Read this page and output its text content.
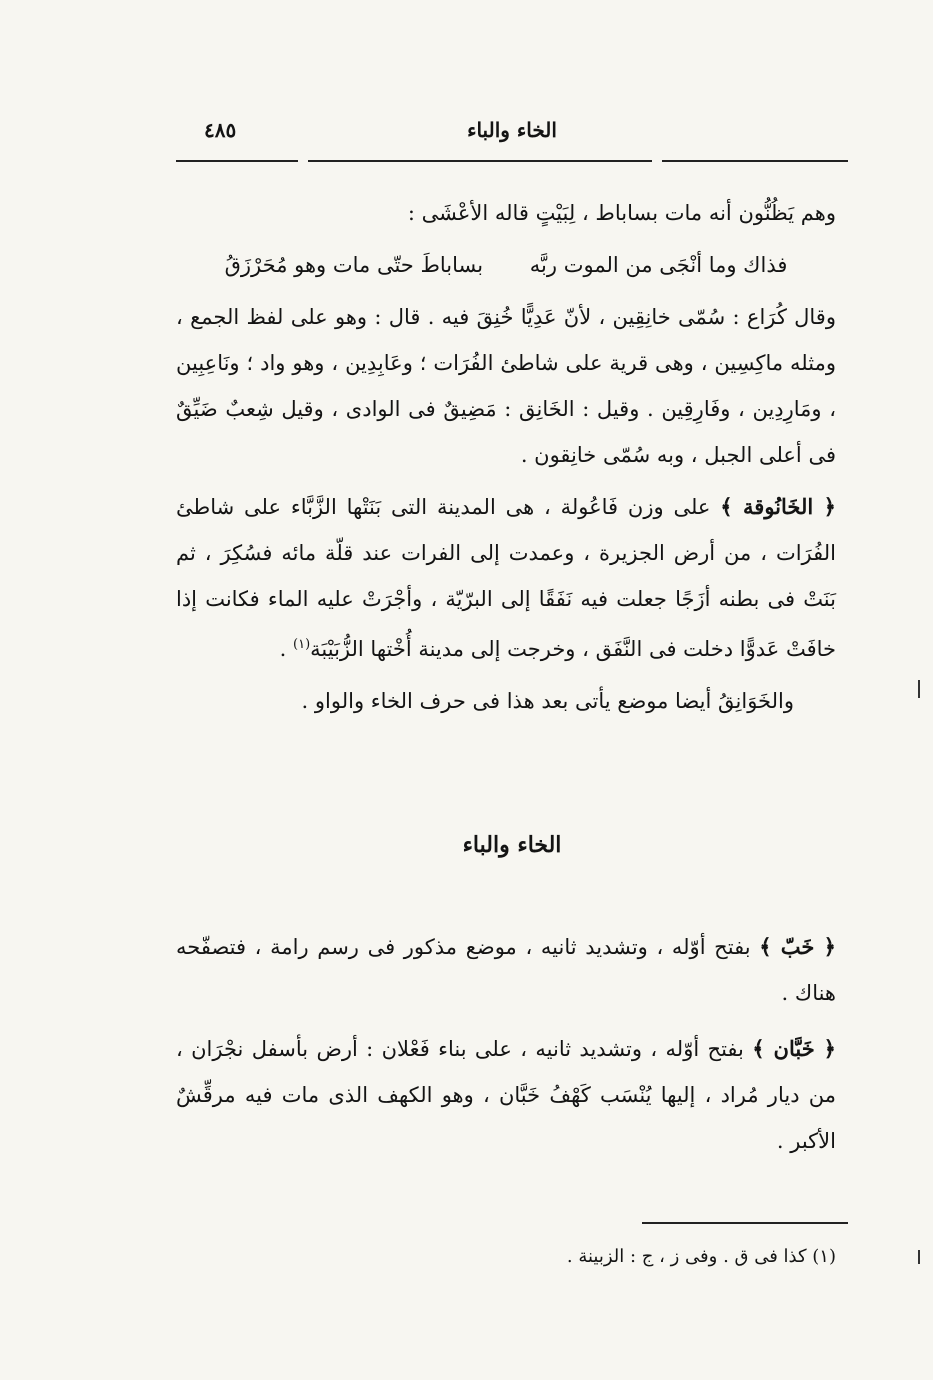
الخاء والباء
٤٨٥

وهم يَظُنُّون أنه مات بساباط ، لِبَيْتٍ قاله الأعْشَى :

فذاك وما أنْجَى من الموت ربَّه بساباطَ حتّى مات وهو مُحَرْزَقُ

وقال كُرَاع : سُمّى خانِقِين ، لأنّ عَدِيًّا خُنِقَ فيه . قال : وهو على لفظ الجمع ، ومثله ماكِسِين ، وهى قرية على شاطئ الفُرَات ؛ وعَابِدِين ، وهو واد ؛ ونَاعِبِين ، ومَارِدِين ، وفَارِقِين . وقيل : الخَانِق : مَضِيقٌ فى الوادى ، وقيل شِعبٌ ضَيِّقٌ فى أعلى الجبل ، وبه سُمّى خانِقون .

﴿ الخَانُوقة ﴾ على وزن فَاعُولة ، هى المدينة التى بَنَتْها الزَّبَّاء على شاطئ الفُرَات ، من أرض الجزيرة ، وعمدت إلى الفرات عند قلّة مائه فسُكِرَ ، ثم بَنَتْ فى بطنه أزَجًا جعلت فيه نَفَقًا إلى البرّيّة ، وأجْرَتْ عليه الماء فكانت إذا خافَتْ عَدوًّا دخلت فى النَّفَق ، وخرجت إلى مدينة أُخْتها الزُّبَيْبَة$^{(١)}$ .

والخَوَانِقُ أيضا موضع يأتى بعد هذا فى حرف الخاء والواو .

الخاء والباء

﴿ خَبّ ﴾ بفتح أوّله ، وتشديد ثانيه ، موضع مذكور فى رسم رامة ، فتصفّحه هناك .

﴿ خَبَّان ﴾ بفتح أوّله ، وتشديد ثانيه ، على بناء فَعْلان : أرض بأسفل نجْرَان ، من ديار مُراد ، إليها يُنْسَب كَهْفُ خَبَّان ، وهو الكهف الذى مات فيه مرقِّشٌ الأكبر .

(١) كذا فى ق . وفى ز ، ج : الزبينة .
